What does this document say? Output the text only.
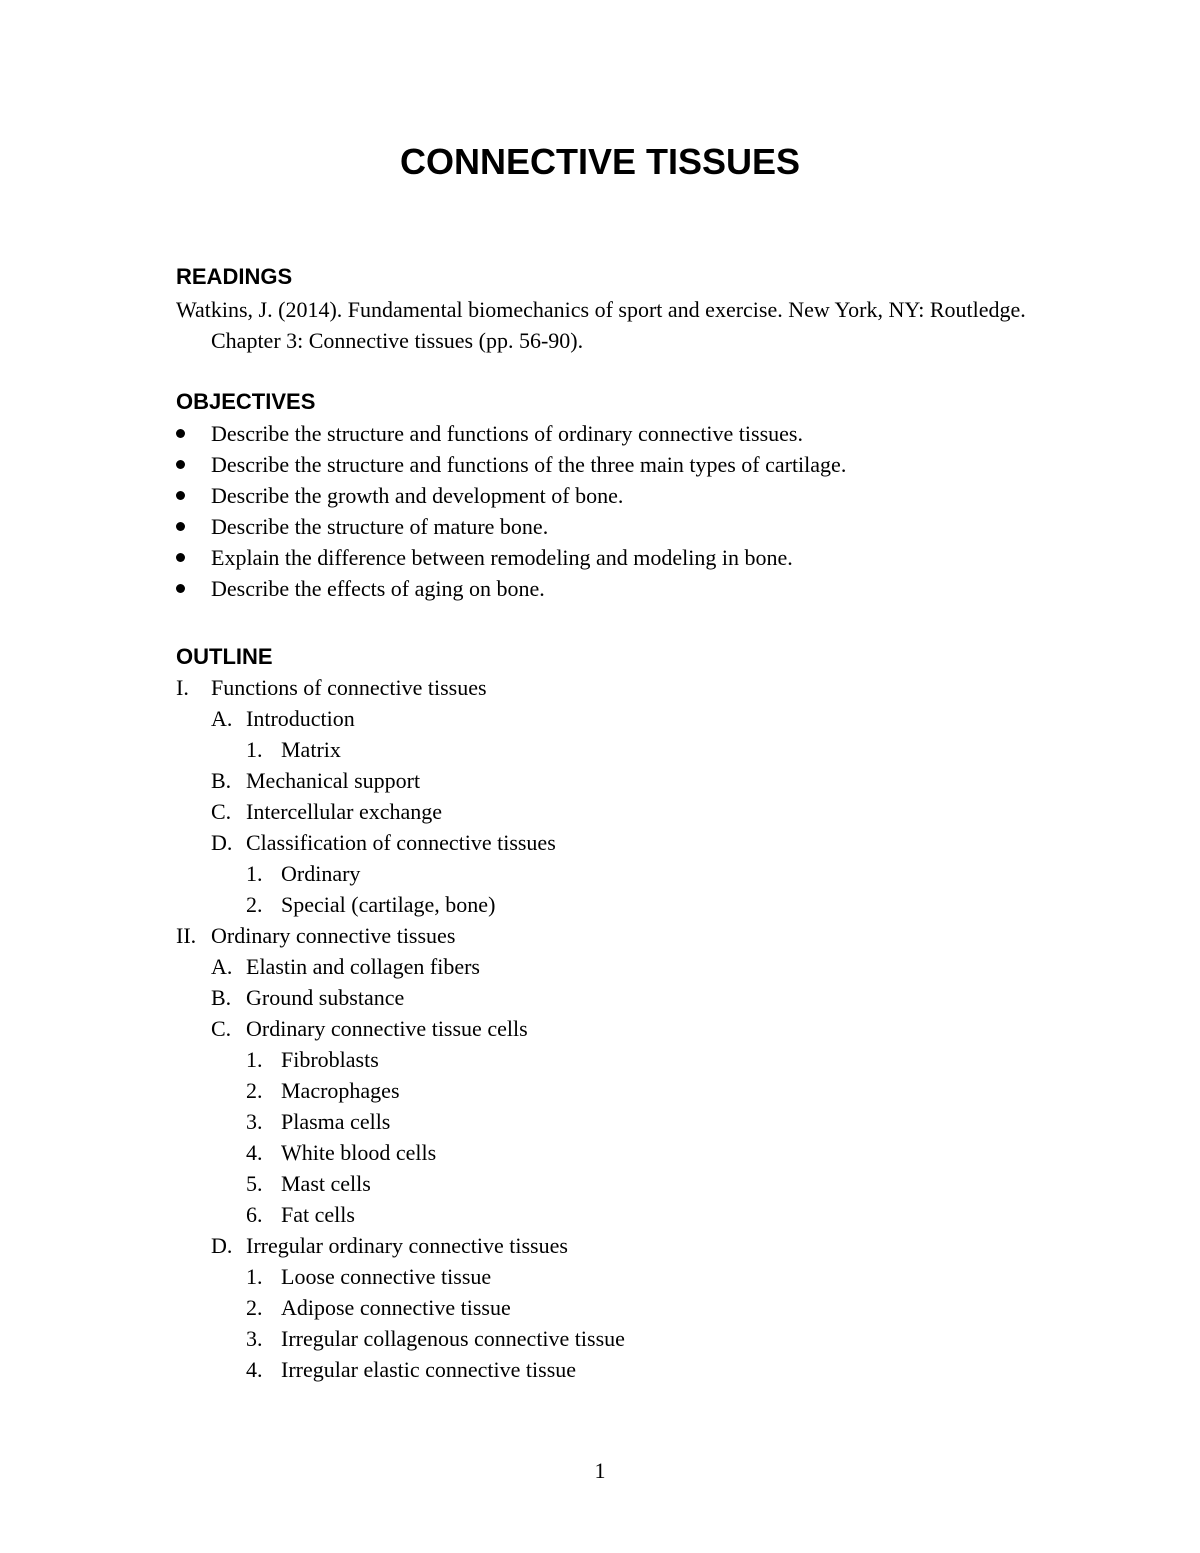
CONNECTIVE TISSUES
READINGS

Watkins, J. (2014). Fundamental biomechanics of sport and exercise. New York, NY: Routledge. Chapter 3: Connective tissues (pp. 56-90).

OBJECTIVES
Describe the structure and functions of ordinary connective tissues.
Describe the structure and functions of the three main types of cartilage.
Describe the growth and development of bone.
Describe the structure of mature bone.
Explain the difference between remodeling and modeling in bone.
Describe the effects of aging on bone.
OUTLINE
I.	Functions of connective tissues
A. Introduction
1. Matrix
B. Mechanical support
C. Intercellular exchange
D. Classification of connective tissues
1. Ordinary
2. Special (cartilage, bone)
II. Ordinary connective tissues
A. Elastin and collagen fibers
B. Ground substance
C. Ordinary connective tissue cells
1. Fibroblasts
2. Macrophages
3. Plasma cells
4. White blood cells
5. Mast cells
6. Fat cells
D. Irregular ordinary connective tissues
1. Loose connective tissue
2. Adipose connective tissue
3. Irregular collagenous connective tissue
4. Irregular elastic connective tissue
1
